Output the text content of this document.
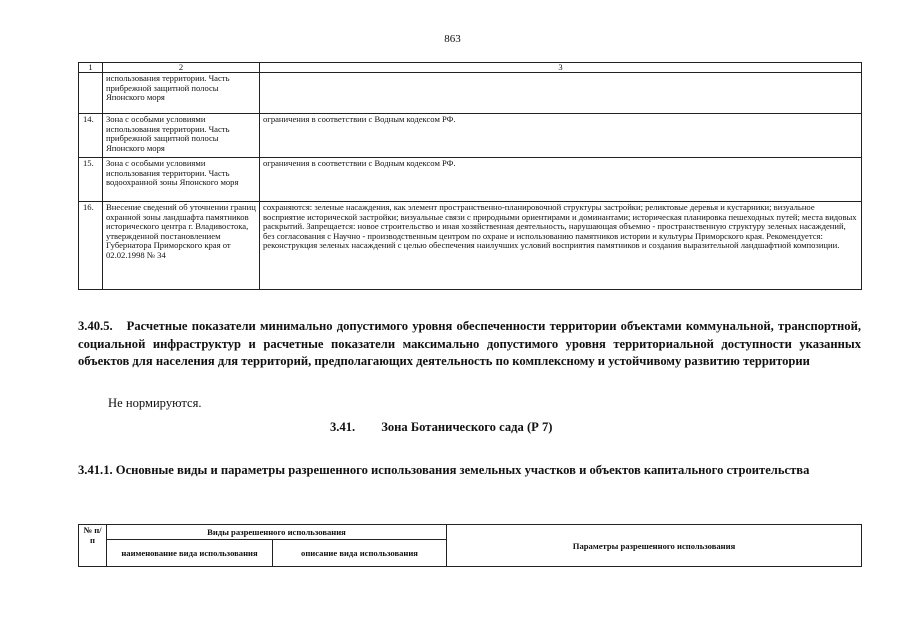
863
1	2	3
	использования территории. Часть прибрежной защитной полосы Японского моря	
14.	Зона с особыми условиями использования территории. Часть прибрежной защитной полосы Японского моря	ограничения в соответствии с Водным кодексом РФ.
15.	Зона с особыми условиями использования территории. Часть водоохранной зоны Японского моря	ограничения в соответствии с Водным кодексом РФ.
16.	Внесение сведений об уточнении границ охранной зоны ландшафта памятников исторического центра г. Владивостока, утвержденной постановлением Губернатора Приморского края от 02.02.1998 № 34	сохраняются: зеленые насаждения, как элемент пространственно-планировочной структуры застройки; реликтовые деревья и кустарники; визуальное восприятие исторической застройки; визуальные связи с природными ориентирами и доминантами; историческая планировка пешеходных путей; места видовых раскрытий. Запрещается: новое строительство и иная хозяйственная деятельность, нарушающая объемно - пространственную структуру зеленых насаждений, без согласования с Научно - производственным центром по охране и использованию памятников истории и культуры Приморского края. Рекомендуется: реконструкция зеленых насаждений с целью обеспечения наилучших условий восприятия памятников и создания выразительной ландшафтной композиции.
3.40.5. Расчетные показатели минимально допустимого уровня обеспеченности территории объектами коммунальной, транспортной, социальной инфраструктур и расчетные показатели максимально допустимого уровня территориальной доступности указанных объектов для населения для территорий, предполагающих деятельность по комплексному и устойчивому развитию территории
Не нормируются.
3.41. Зона Ботанического сада (Р 7)
3.41.1. Основные виды и параметры разрешенного использования земельных участков и объектов капитального строительства
№ п/п	Виды разрешенного использования		Параметры разрешенного использования
	наименование вида использования	описание вида использования	
